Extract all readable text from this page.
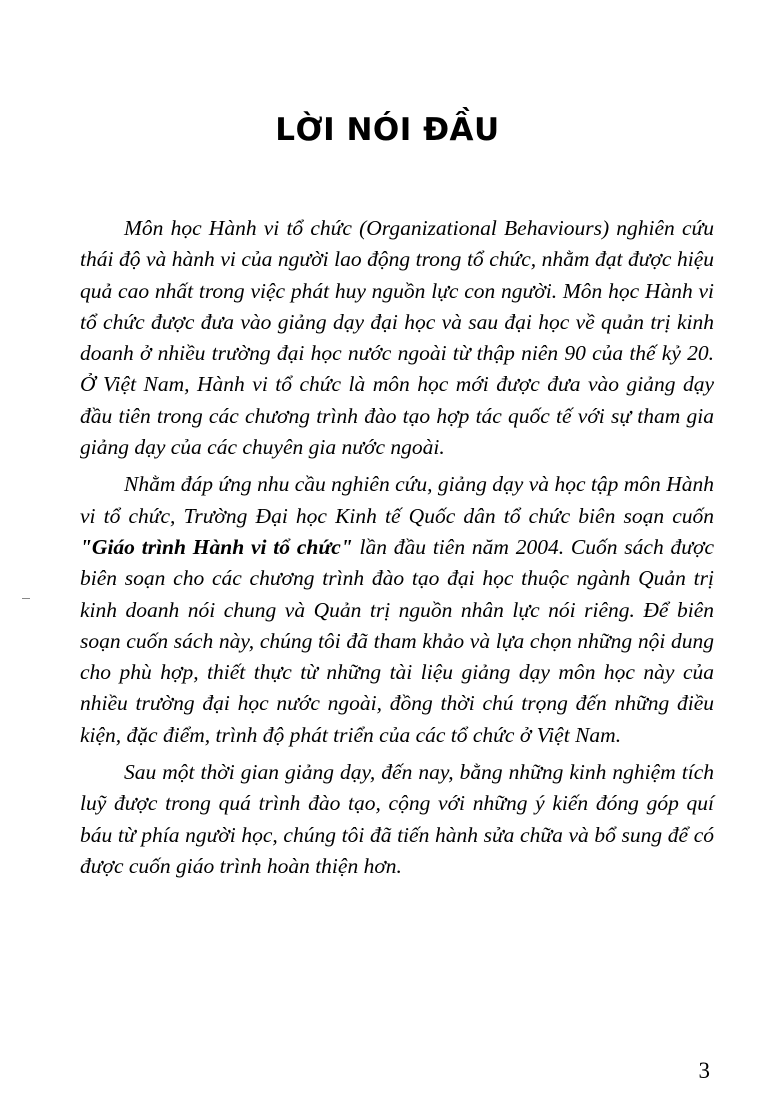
LỜI NÓI ĐẦU

Môn học Hành vi tổ chức (Organizational Behaviours) nghiên cứu thái độ và hành vi của người lao động trong tổ chức, nhằm đạt được hiệu quả cao nhất trong việc phát huy nguồn lực con người. Môn học Hành vi tổ chức được đưa vào giảng dạy đại học và sau đại học về quản trị kinh doanh ở nhiều trường đại học nước ngoài từ thập niên 90 của thế kỷ 20. Ở Việt Nam, Hành vi tổ chức là môn học mới được đưa vào giảng dạy đầu tiên trong các chương trình đào tạo hợp tác quốc tế với sự tham gia giảng dạy của các chuyên gia nước ngoài.

Nhằm đáp ứng nhu cầu nghiên cứu, giảng dạy và học tập môn Hành vi tổ chức, Trường Đại học Kinh tế Quốc dân tổ chức biên soạn cuốn "Giáo trình Hành vi tổ chức" lần đầu tiên năm 2004. Cuốn sách được biên soạn cho các chương trình đào tạo đại học thuộc ngành Quản trị kinh doanh nói chung và Quản trị nguồn nhân lực nói riêng. Để biên soạn cuốn sách này, chúng tôi đã tham khảo và lựa chọn những nội dung cho phù hợp, thiết thực từ những tài liệu giảng dạy môn học này của nhiều trường đại học nước ngoài, đồng thời chú trọng đến những điều kiện, đặc điểm, trình độ phát triển của các tổ chức ở Việt Nam.

Sau một thời gian giảng dạy, đến nay, bằng những kinh nghiệm tích luỹ được trong quá trình đào tạo, cộng với những ý kiến đóng góp quí báu từ phía người học, chúng tôi đã tiến hành sửa chữa và bổ sung để có được cuốn giáo trình hoàn thiện hơn.

3
